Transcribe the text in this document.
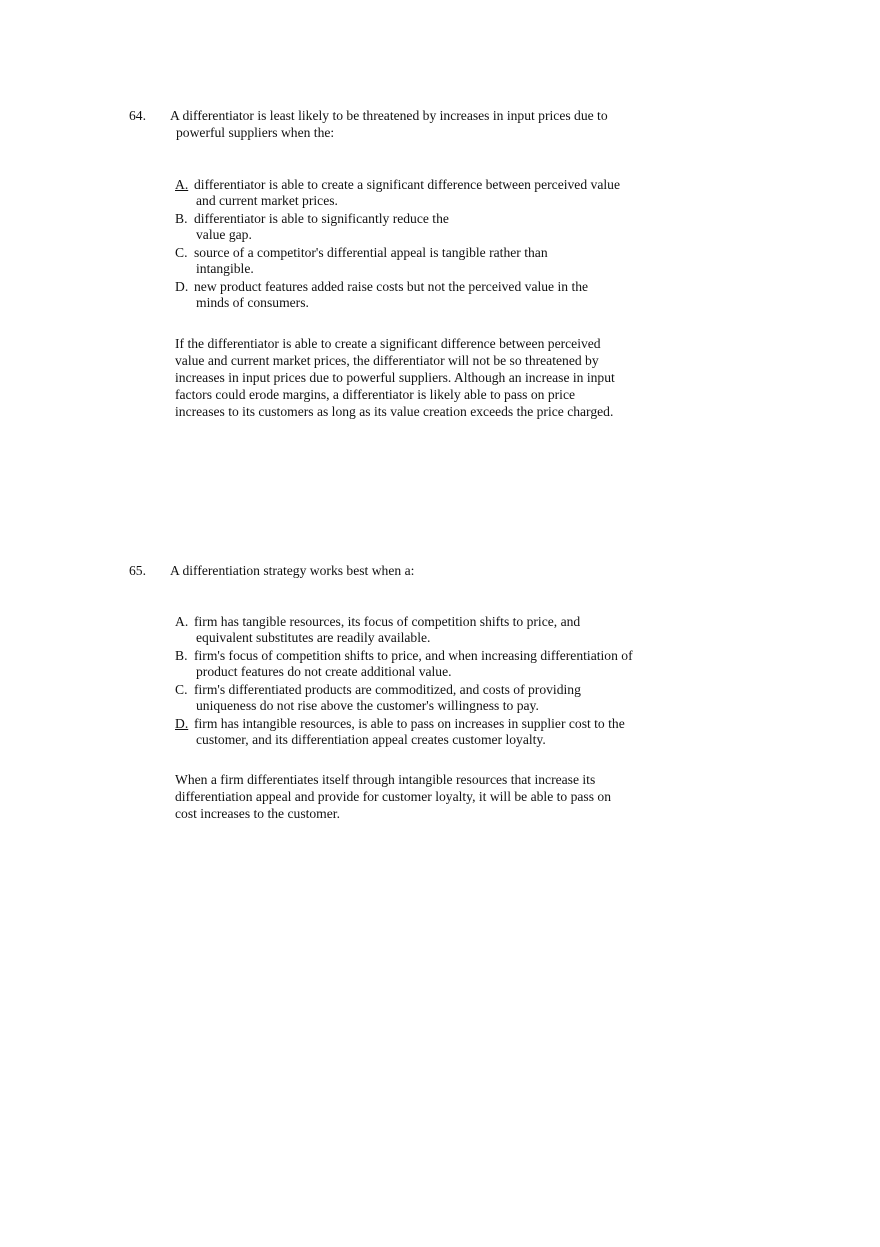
64. A differentiator is least likely to be threatened by increases in input prices due to
powerful suppliers when the:
A. differentiator is able to create a significant difference between perceived value
and current market prices.
B. differentiator is able to significantly reduce the
value gap.
C. source of a competitor's differential appeal is tangible rather than
intangible.
D. new product features added raise costs but not the perceived value in the
minds of consumers.
If the differentiator is able to create a significant difference between perceived
value and current market prices, the differentiator will not be so threatened by
increases in input prices due to powerful suppliers. Although an increase in input
factors could erode margins, a differentiator is likely able to pass on price
increases to its customers as long as its value creation exceeds the price charged.
65. A differentiation strategy works best when a:
A. firm has tangible resources, its focus of competition shifts to price, and
equivalent substitutes are readily available.
B. firm's focus of competition shifts to price, and when increasing differentiation of
product features do not create additional value.
C. firm's differentiated products are commoditized, and costs of providing
uniqueness do not rise above the customer's willingness to pay.
D. firm has intangible resources, is able to pass on increases in supplier cost to the
customer, and its differentiation appeal creates customer loyalty.
When a firm differentiates itself through intangible resources that increase its
differentiation appeal and provide for customer loyalty, it will be able to pass on
cost increases to the customer.
